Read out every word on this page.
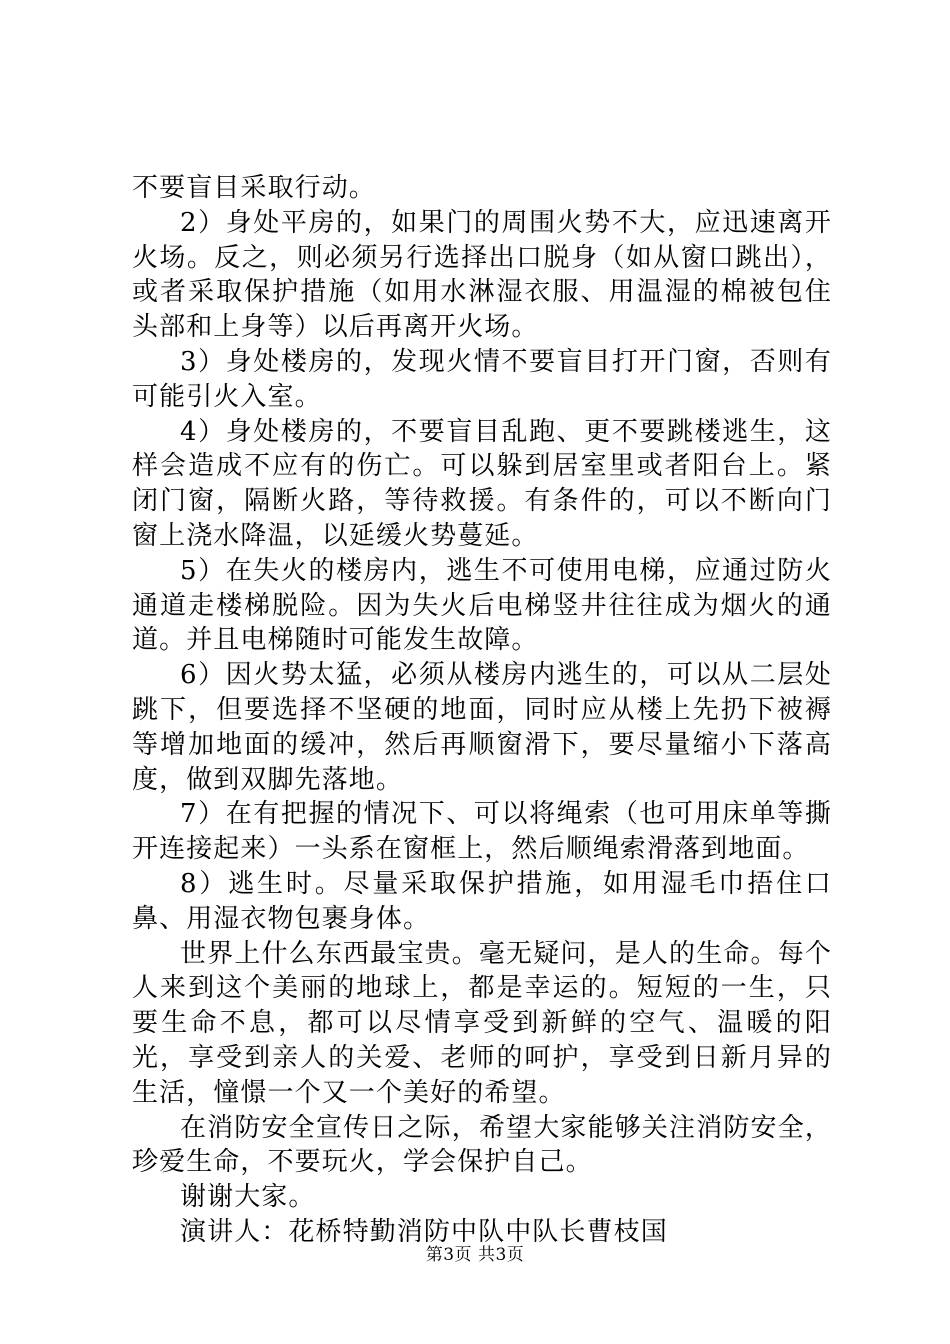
不要盲目采取行动。

2）身处平房的，如果门的周围火势不大，应迅速离开火场。反之，则必须另行选择出口脱身（如从窗口跳出），或者采取保护措施（如用水淋湿衣服、用温湿的棉被包住头部和上身等）以后再离开火场。

3）身处楼房的，发现火情不要盲目打开门窗，否则有可能引火入室。

4）身处楼房的，不要盲目乱跑、更不要跳楼逃生，这样会造成不应有的伤亡。可以躲到居室里或者阳台上。紧闭门窗，隔断火路，等待救援。有条件的，可以不断向门窗上浇水降温，以延缓火势蔓延。

5）在失火的楼房内，逃生不可使用电梯，应通过防火通道走楼梯脱险。因为失火后电梯竖井往往成为烟火的通道。并且电梯随时可能发生故障。

6）因火势太猛，必须从楼房内逃生的，可以从二层处跳下，但要选择不坚硬的地面，同时应从楼上先扔下被褥等增加地面的缓冲，然后再顺窗滑下，要尽量缩小下落高度，做到双脚先落地。

7）在有把握的情况下、可以将绳索（也可用床单等撕开连接起来）一头系在窗框上，然后顺绳索滑落到地面。

8）逃生时。尽量采取保护措施，如用湿毛巾捂住口鼻、用湿衣物包裹身体。

世界上什么东西最宝贵。毫无疑问，是人的生命。每个人来到这个美丽的地球上，都是幸运的。短短的一生，只要生命不息，都可以尽情享受到新鲜的空气、温暖的阳光，享受到亲人的关爱、老师的呵护，享受到日新月异的生活，憧憬一个又一个美好的希望。

在消防安全宣传日之际，希望大家能够关注消防安全，珍爱生命，不要玩火，学会保护自己。

谢谢大家。

演讲人：花桥特勤消防中队中队长曹枝国

第3页 共3页
